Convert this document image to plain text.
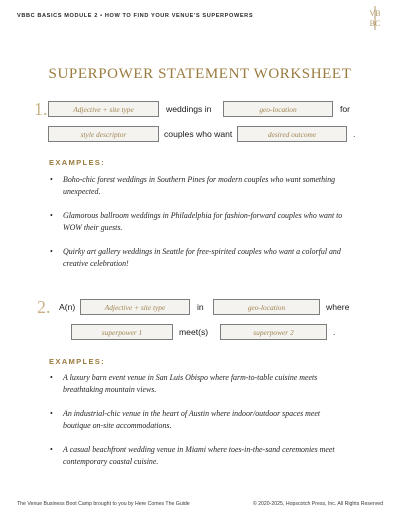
VBBC BASICS MODULE 2 • HOW TO FIND YOUR VENUE'S SUPERPOWERS	VB
BC
SUPERPOWER STATEMENT WORKSHEET
1.	Adjective + site type	weddings in	geo-location	for
style descriptor	couples who want	desired outcome	.
EXAMPLES:
• Boho-chic forest weddings in Southern Pines for modern couples who want something unexpected.
• Glamorous ballroom weddings in Philadelphia for fashion-forward couples who want to WOW their guests.
• Quirky art gallery weddings in Seattle for free-spirited couples who want a colorful and creative celebration!
2. A(n)	Adjective + site type	in	geo-location	where
superpower 1	meet(s)	superpower 2	.
EXAMPLES:
• A luxury barn event venue in San Luis Obispo where farm-to-table cuisine meets breathtaking mountain views.
• An industrial-chic venue in the heart of Austin where indoor/outdoor spaces meet boutique on-site accommodations.
• A casual beachfront wedding venue in Miami where toes-in-the-sand ceremonies meet contemporary coastal cuisine.
The Venue Business Boot Camp brought to you by Here Comes The Guide	© 2020-2025, Hopscotch Press, Inc. All Rights Reserved
